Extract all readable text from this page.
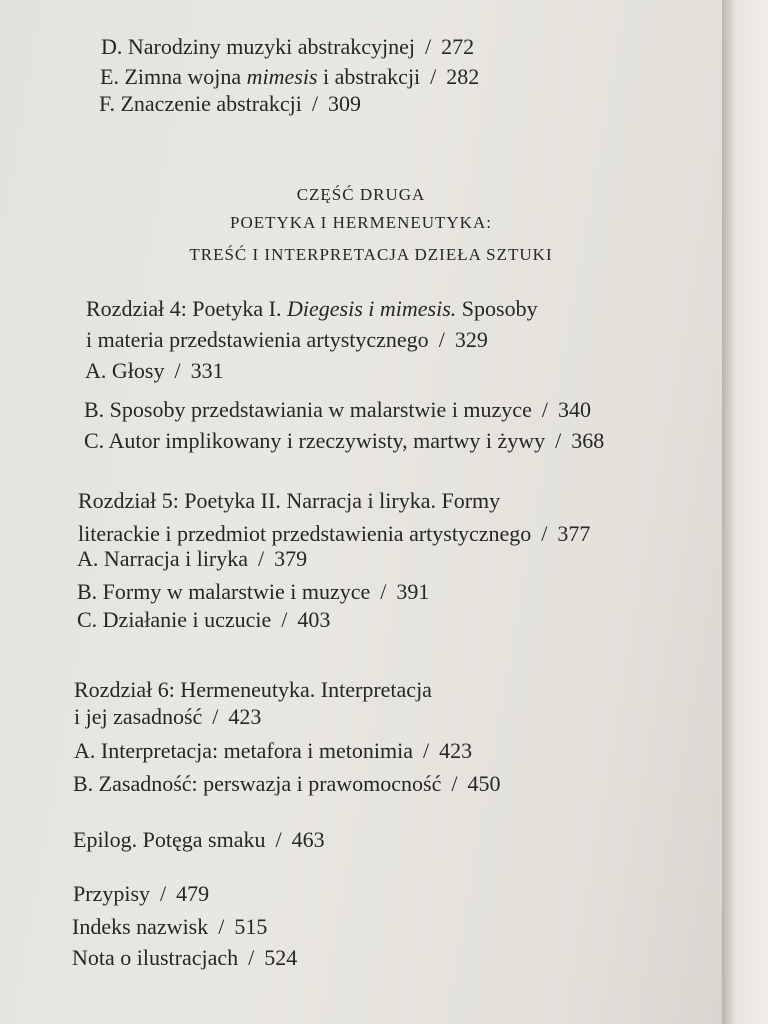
D. Narodziny muzyki abstrakcyjnej / 272
E. Zimna wojna mimesis i abstrakcji / 282
F. Znaczenie abstrakcji / 309
CZĘŚĆ DRUGA
POETYKA I HERMENEUTYKA:
TREŚĆ I INTERPRETACJA DZIEŁA SZTUKI
Rozdział 4: Poetyka I. Diegesis i mimesis. Sposoby
i materia przedstawienia artystycznego / 329
A. Głosy / 331
B. Sposoby przedstawiania w malarstwie i muzyce / 340
C. Autor implikowany i rzeczywisty, martwy i żywy / 368
Rozdział 5: Poetyka II. Narracja i liryka. Formy
literackie i przedmiot przedstawienia artystycznego / 377
A. Narracja i liryka / 379
B. Formy w malarstwie i muzyce / 391
C. Działanie i uczucie / 403
Rozdział 6: Hermeneutyka. Interpretacja
i jej zasadność / 423
A. Interpretacja: metafora i metonimia / 423
B. Zasadność: perswazja i prawomocność / 450
Epilog. Potęga smaku / 463
Przypisy / 479
Indeks nazwisk / 515
Nota o ilustracjach / 524
